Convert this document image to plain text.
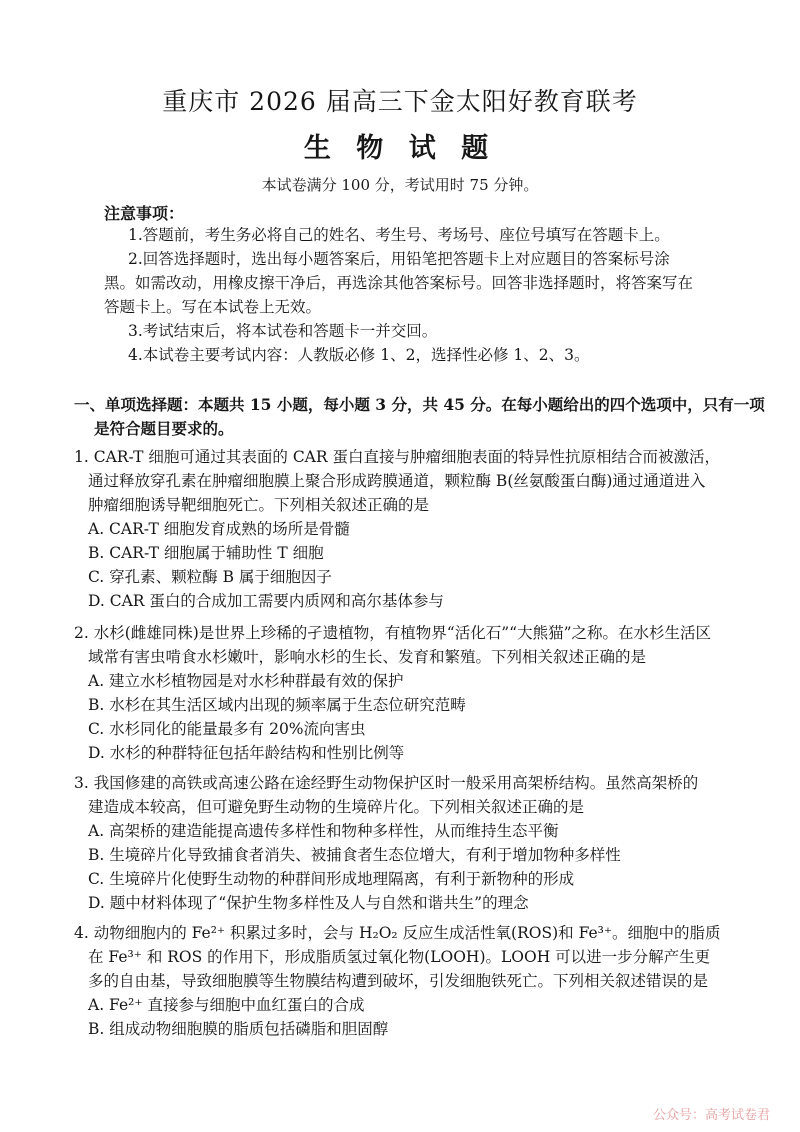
重庆市 2026 届高三下金太阳好教育联考
生 物 试 题
本试卷满分 100 分，考试用时 75 分钟。
注意事项：
1.答题前，考生务必将自己的姓名、考生号、考场号、座位号填写在答题卡上。
2.回答选择题时，选出每小题答案后，用铅笔把答题卡上对应题目的答案标号涂
黑。如需改动，用橡皮擦干净后，再选涂其他答案标号。回答非选择题时，将答案写在
答题卡上。写在本试卷上无效。
3.考试结束后，将本试卷和答题卡一并交回。
4.本试卷主要考试内容：人教版必修 1、2，选择性必修 1、2、3。
一、单项选择题：本题共 15 小题，每小题 3 分，共 45 分。在每小题给出的四个选项中，只有一项
是符合题目要求的。
1. CAR-T 细胞可通过其表面的 CAR 蛋白直接与肿瘤细胞表面的特异性抗原相结合而被激活，
通过释放穿孔素在肿瘤细胞膜上聚合形成跨膜通道，颗粒酶 B(丝氨酸蛋白酶)通过通道进入
肿瘤细胞诱导靶细胞死亡。下列相关叙述正确的是
A. CAR-T 细胞发育成熟的场所是骨髓
B. CAR-T 细胞属于辅助性 T 细胞
C. 穿孔素、颗粒酶 B 属于细胞因子
D. CAR 蛋白的合成加工需要内质网和高尔基体参与
2. 水杉(雌雄同株)是世界上珍稀的孑遗植物，有植物界“活化石”“大熊猫”之称。在水杉生活区
域常有害虫啃食水杉嫩叶，影响水杉的生长、发育和繁殖。下列相关叙述正确的是
A. 建立水杉植物园是对水杉种群最有效的保护
B. 水杉在其生活区域内出现的频率属于生态位研究范畴
C. 水杉同化的能量最多有 20%流向害虫
D. 水杉的种群特征包括年龄结构和性别比例等
3. 我国修建的高铁或高速公路在途经野生动物保护区时一般采用高架桥结构。虽然高架桥的
建造成本较高，但可避免野生动物的生境碎片化。下列相关叙述正确的是
A. 高架桥的建造能提高遗传多样性和物种多样性，从而维持生态平衡
B. 生境碎片化导致捕食者消失、被捕食者生态位增大，有利于增加物种多样性
C. 生境碎片化使野生动物的种群间形成地理隔离，有利于新物种的形成
D. 题中材料体现了“保护生物多样性及人与自然和谐共生”的理念
4. 动物细胞内的 Fe²⁺ 积累过多时，会与 H₂O₂ 反应生成活性氧(ROS)和 Fe³⁺。细胞中的脂质
在 Fe³⁺ 和 ROS 的作用下，形成脂质氢过氧化物(LOOH)。LOOH 可以进一步分解产生更
多的自由基，导致细胞膜等生物膜结构遭到破坏，引发细胞铁死亡。下列相关叙述错误的是
A. Fe²⁺ 直接参与细胞中血红蛋白的合成
B. 组成动物细胞膜的脂质包括磷脂和胆固醇
公众号：高考试卷君
